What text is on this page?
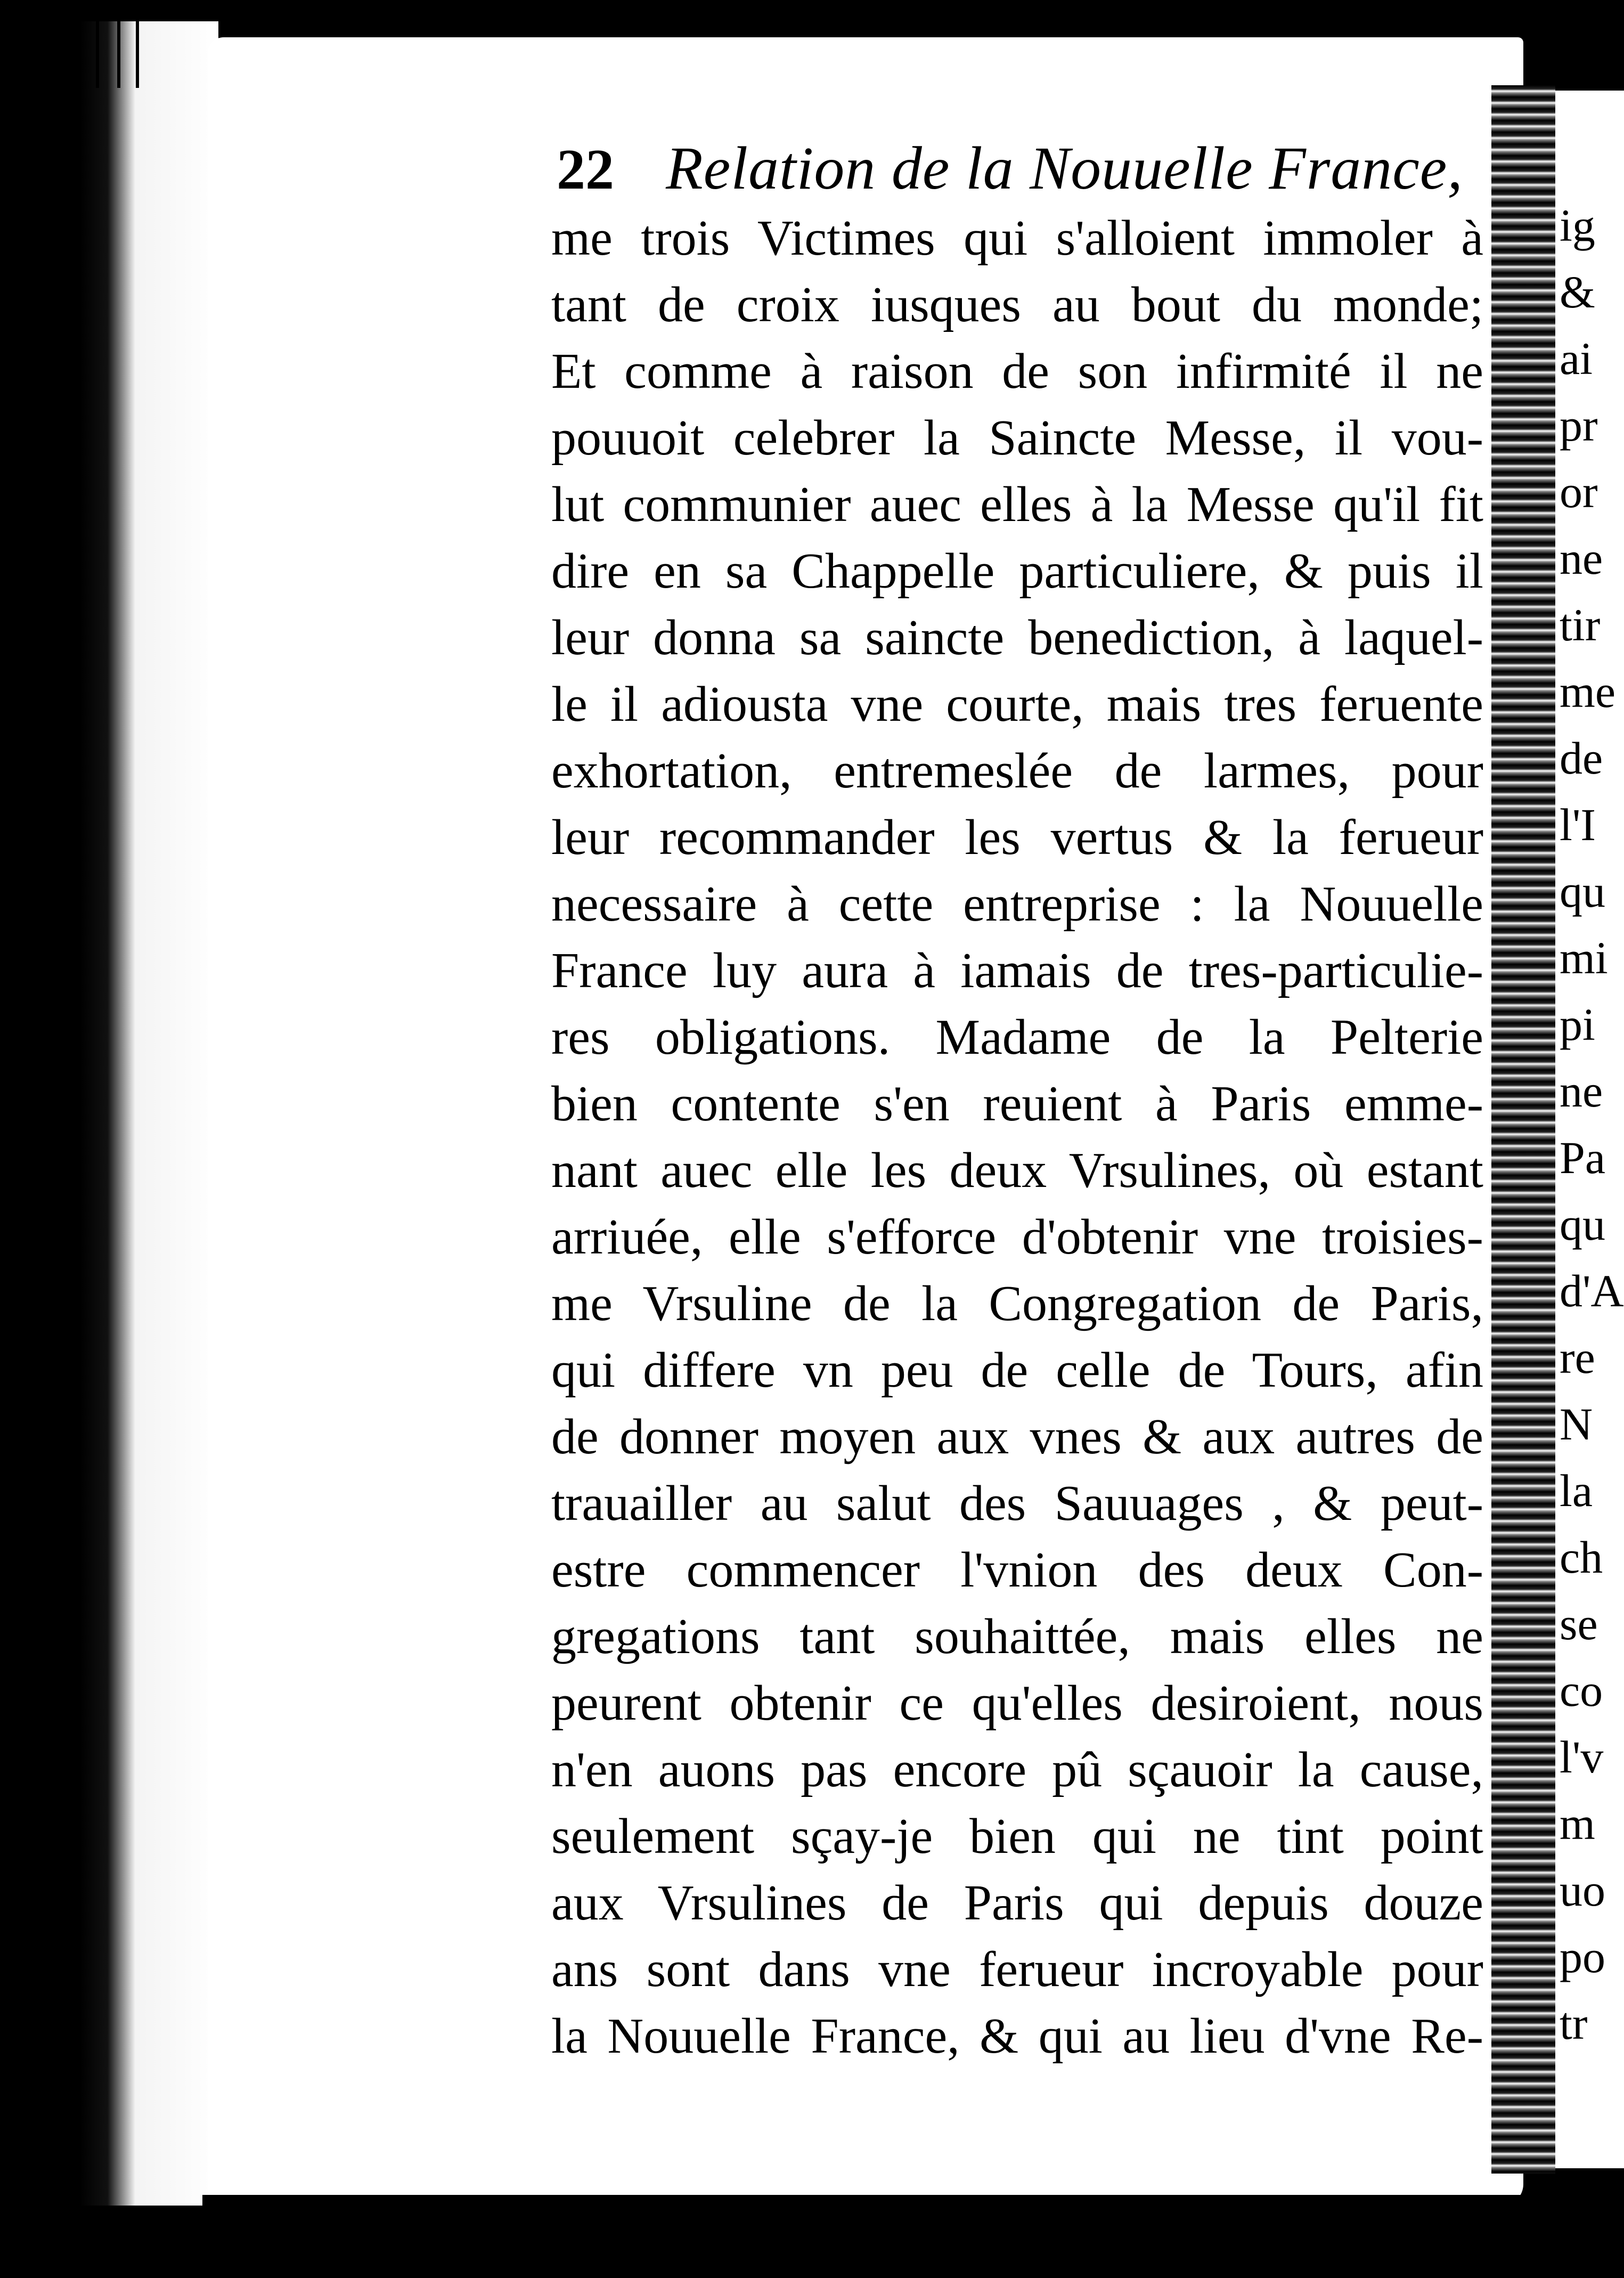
ig
&
ai
pr
or
ne
tir
me
de
l'I
qu
mi
pi
ne
Pa
qu
d'A
re
N
la
ch
se
co
l'v
m
uo
po
tr
22 Relation de la Nouuelle France,
me trois Victimes qui s'alloient immoler à
tant de croix iusques au bout du monde;
Et comme à raison de son infirmité il ne
pouuoit celebrer la Saincte Messe, il vou-
lut communier auec elles à la Messe qu'il fit
dire en sa Chappelle particuliere, & puis il
leur donna sa saincte benediction, à laquel-
le il adiousta vne courte, mais tres feruente
exhortation, entremeslée de larmes, pour
leur recommander les vertus & la ferueur
necessaire à cette entreprise : la Nouuelle
France luy aura à iamais de tres-particulie-
res obligations. Madame de la Pelterie
bien contente s'en reuient à Paris emme-
nant auec elle les deux Vrsulines, où estant
arriuée, elle s'efforce d'obtenir vne troisies-
me Vrsuline de la Congregation de Paris,
qui differe vn peu de celle de Tours, afin
de donner moyen aux vnes & aux autres de
trauailler au salut des Sauuages , & peut-
estre commencer l'vnion des deux Con-
gregations tant souhaittée, mais elles ne
peurent obtenir ce qu'elles desiroient, nous
n'en auons pas encore pû sçauoir la cause,
seulement sçay-je bien qui ne tint point
aux Vrsulines de Paris qui depuis douze
ans sont dans vne ferueur incroyable pour
la Nouuelle France, & qui au lieu d'vne Re-
